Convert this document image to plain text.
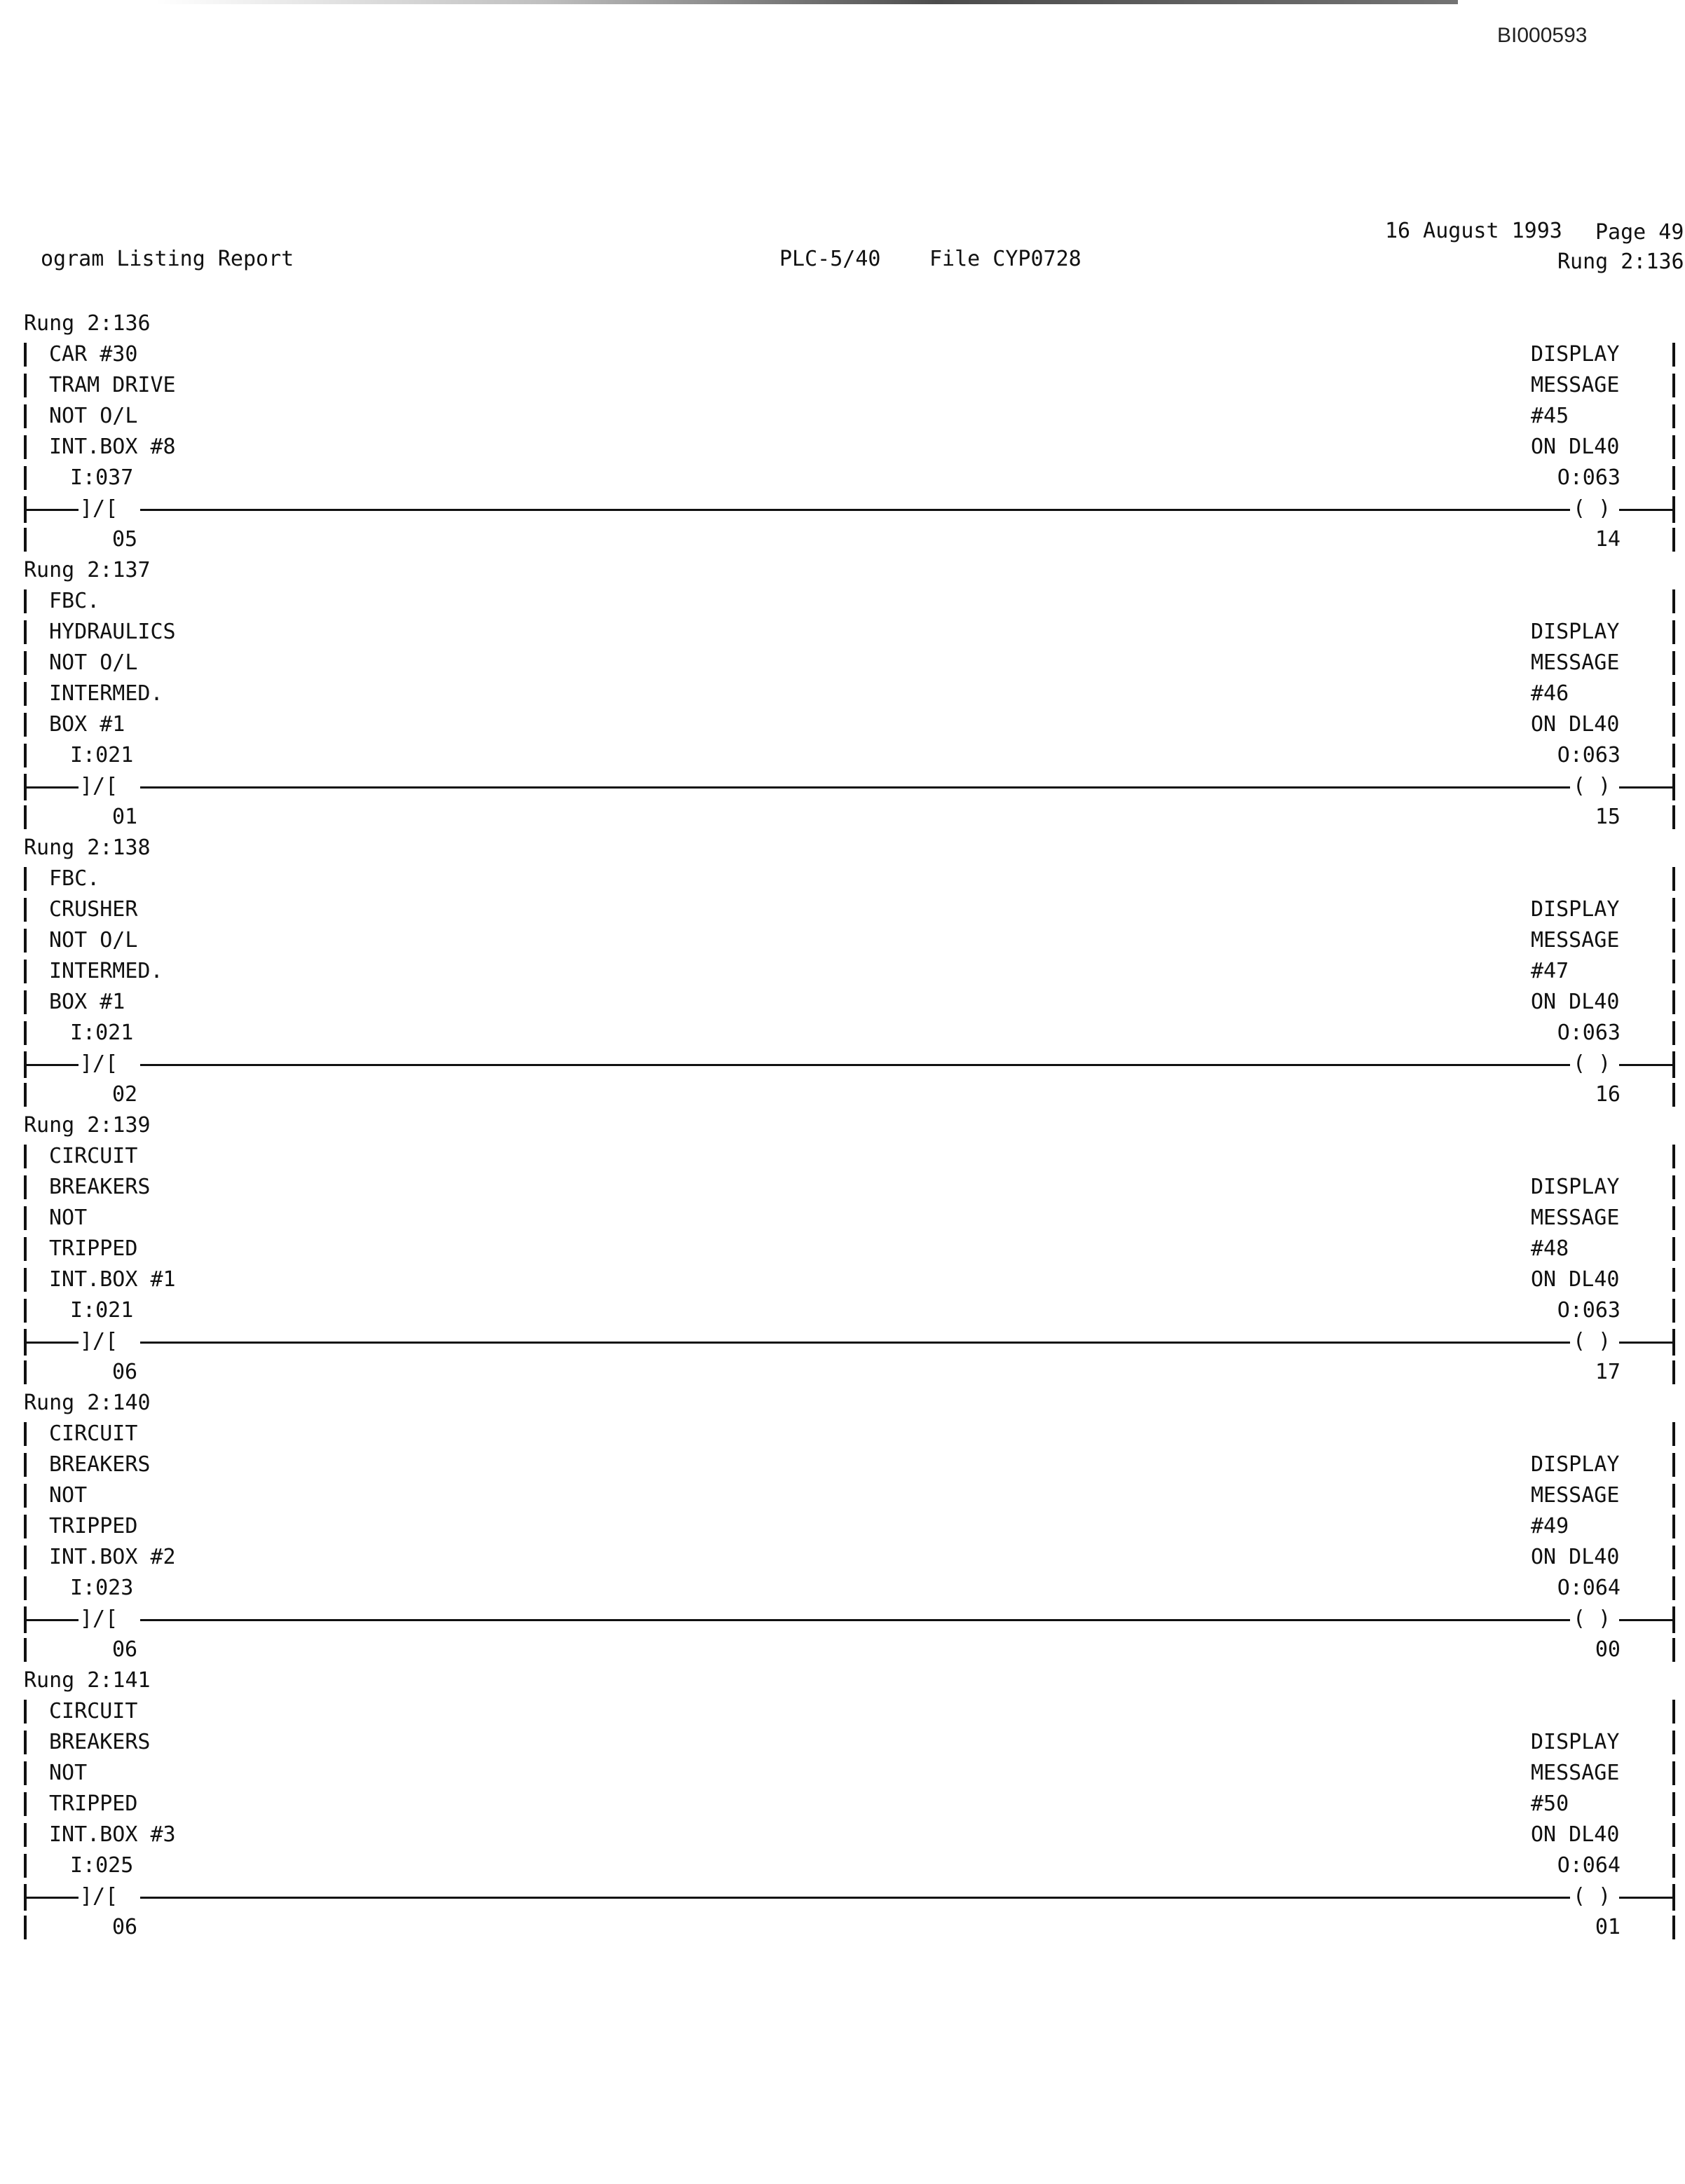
BI000593
ogram Listing Report	PLC-5/40 File CYP0728
16 August 1993 Page 49
Rung 2:136
Rung 2:136
CAR #30	DISPLAY
TRAM DRIVE	MESSAGE
NOT O/L	#45
INT.BOX #8	ON DL40
I:037	O:063
]/[	( )
05	14
Rung 2:137
FBC.
HYDRAULICS	DISPLAY
NOT O/L	MESSAGE
INTERMED.	#46
BOX #1	ON DL40
I:021	O:063
]/[	( )
01	15
Rung 2:138
FBC.
CRUSHER	DISPLAY
NOT O/L	MESSAGE
INTERMED.	#47
BOX #1	ON DL40
I:021	O:063
]/[	( )
02	16
Rung 2:139
CIRCUIT
BREAKERS	DISPLAY
NOT	MESSAGE
TRIPPED	#48
INT.BOX #1	ON DL40
I:021	O:063
]/[	( )
06	17
Rung 2:140
CIRCUIT
BREAKERS	DISPLAY
NOT	MESSAGE
TRIPPED	#49
INT.BOX #2	ON DL40
I:023	O:064
]/[	( )
06	00
Rung 2:141
CIRCUIT
BREAKERS	DISPLAY
NOT	MESSAGE
TRIPPED	#50
INT.BOX #3	ON DL40
I:025	O:064
]/[	( )
06	01
